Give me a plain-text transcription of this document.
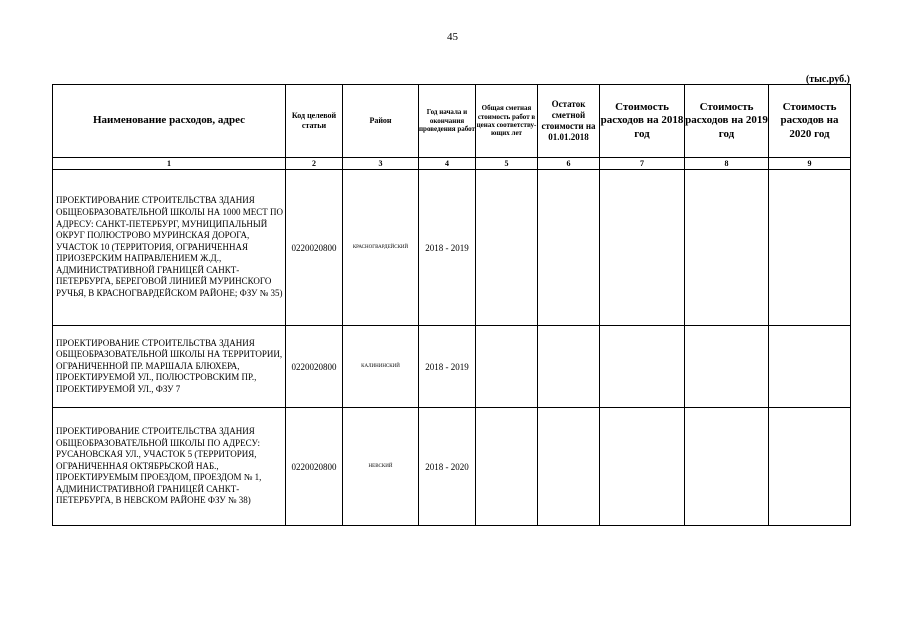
45
(тыс.руб.)
Наименование расходов, адрес	Код целевой статьи	Район	Год начала и окончания проведения работ	Общая сметная стоимость работ в ценах соответству-ющих лет	Остаток сметной стоимости на 01.01.2018	Стоимость расходов на 2018 год	Стоимость расходов на 2019 год	Стоимость расходов на 2020 год
1	2	3	4	5	6	7	8	9
ПРОЕКТИРОВАНИЕ СТРОИТЕЛЬСТВА ЗДАНИЯ ОБЩЕОБРАЗОВАТЕЛЬНОЙ ШКОЛЫ НА 1000 МЕСТ ПО АДРЕСУ: САНКТ-ПЕТЕРБУРГ, МУНИЦИПАЛЬНЫЙ ОКРУГ ПОЛЮСТРОВО МУРИНСКАЯ ДОРОГА, УЧАСТОК 10 (ТЕРРИТОРИЯ, ОГРАНИЧЕННАЯ ПРИОЗЕРСКИМ НАПРАВЛЕНИЕМ Ж.Д., АДМИНИСТРАТИВНОЙ ГРАНИЦЕЙ САНКТ-ПЕТЕРБУРГА, БЕРЕГОВОЙ ЛИНИЕЙ МУРИНСКОГО РУЧЬЯ, В КРАСНОГВАРДЕЙСКОМ РАЙОНЕ; ФЗУ № 35)	0220020800	КРАСНОГВАРДЕЙСКИЙ	2018 - 2019					
ПРОЕКТИРОВАНИЕ СТРОИТЕЛЬСТВА ЗДАНИЯ ОБЩЕОБРАЗОВАТЕЛЬНОЙ ШКОЛЫ НА ТЕРРИТОРИИ, ОГРАНИЧЕННОЙ ПР. МАРШАЛА БЛЮХЕРА, ПРОЕКТИРУЕМОЙ УЛ., ПОЛЮСТРОВСКИМ ПР., ПРОЕКТИРУЕМОЙ УЛ., ФЗУ 7	0220020800	КАЛИНИНСКИЙ	2018 - 2019					
ПРОЕКТИРОВАНИЕ СТРОИТЕЛЬСТВА ЗДАНИЯ ОБЩЕОБРАЗОВАТЕЛЬНОЙ ШКОЛЫ ПО АДРЕСУ: РУСАНОВСКАЯ УЛ., УЧАСТОК 5 (ТЕРРИТОРИЯ, ОГРАНИЧЕННАЯ ОКТЯБРЬСКОЙ НАБ., ПРОЕКТИРУЕМЫМ ПРОЕЗДОМ, ПРОЕЗДОМ № 1, АДМИНИСТРАТИВНОЙ ГРАНИЦЕЙ САНКТ-ПЕТЕРБУРГА, В НЕВСКОМ РАЙОНЕ ФЗУ № 38)	0220020800	НЕВСКИЙ	2018 - 2020					
